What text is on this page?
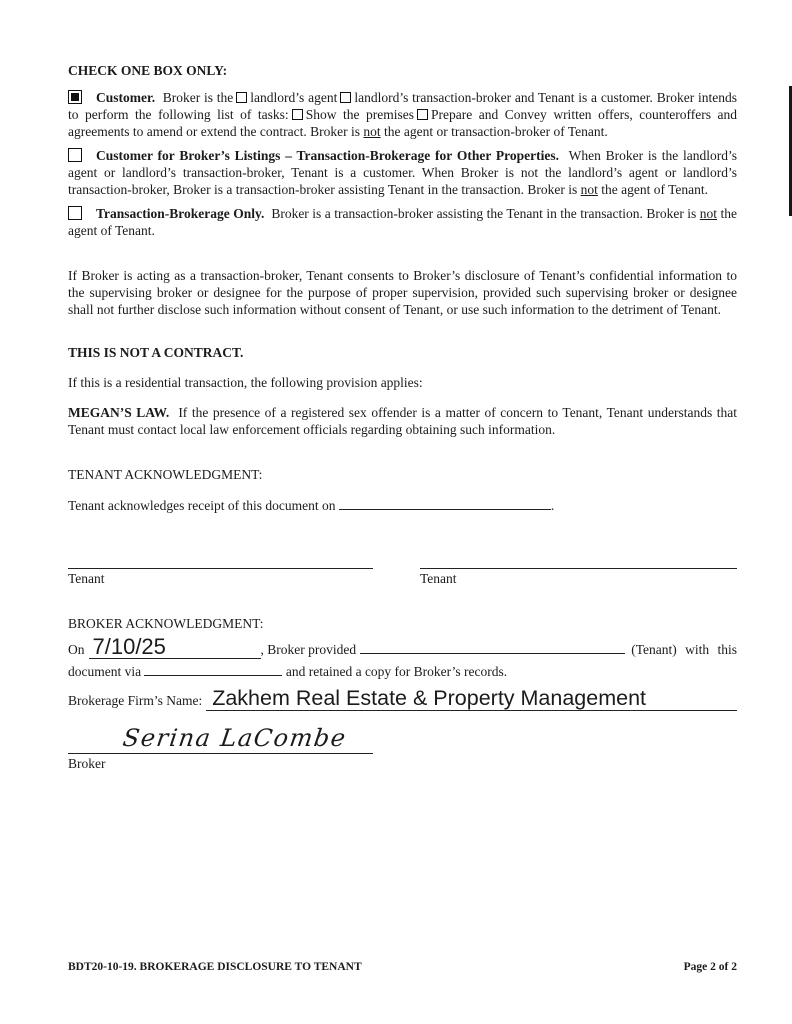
CHECK ONE BOX ONLY:

Customer. Broker is the landlord’s agent landlord’s transaction-broker and Tenant is a customer. Broker intends to perform the following list of tasks: Show the premises Prepare and Convey written offers, counteroffers and agreements to amend or extend the contract. Broker is not the agent or transaction-broker of Tenant.

Customer for Broker’s Listings – Transaction-Brokerage for Other Properties. When Broker is the landlord’s agent or landlord’s transaction-broker, Tenant is a customer. When Broker is not the landlord’s agent or landlord’s transaction-broker, Broker is a transaction-broker assisting Tenant in the transaction. Broker is not the agent of Tenant.

Transaction-Brokerage Only. Broker is a transaction-broker assisting the Tenant in the transaction. Broker is not the agent of Tenant.

If Broker is acting as a transaction-broker, Tenant consents to Broker’s disclosure of Tenant’s confidential information to the supervising broker or designee for the purpose of proper supervision, provided such supervising broker or designee shall not further disclose such information without consent of Tenant, or use such information to the detriment of Tenant.

THIS IS NOT A CONTRACT.

If this is a residential transaction, the following provision applies:

MEGAN’S LAW. If the presence of a registered sex offender is a matter of concern to Tenant, Tenant understands that Tenant must contact local law enforcement officials regarding obtaining such information.

TENANT ACKNOWLEDGMENT:

Tenant acknowledges receipt of this document on	.

Tenant	Tenant
BROKER ACKNOWLEDGMENT:
On 7/10/25	, Broker provided	(Tenant) with this

document via	and retained a copy for Broker’s records.

Brokerage Firm’s Name: Zakhem Real Estate & Property Management
Serina LaCombe
Broker
BDT20-10-19. BROKERAGE DISCLOSURE TO TENANT	Page 2 of 2
